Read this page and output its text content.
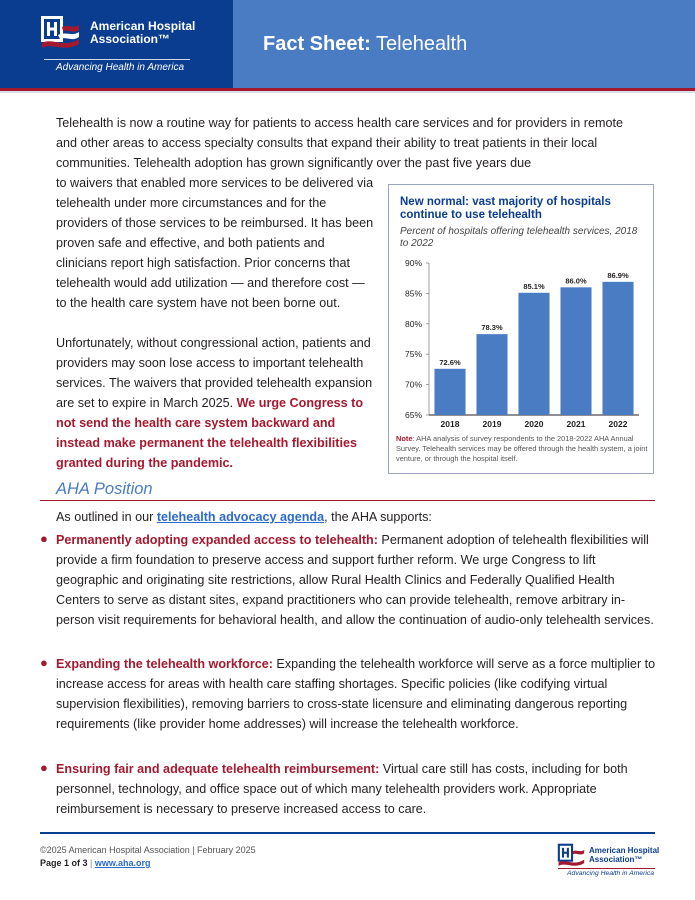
American Hospital
Association™
Advancing Health in America
Fact Sheet: Telehealth
Telehealth is now a routine way for patients to access health care services and for providers in remote and other areas to access specialty consults that expand their ability to treat patients in their local communities. Telehealth adoption has grown significantly over the past five years due
to waivers that enabled more services to be delivered via telehealth under more circumstances and for the providers of those services to be reimbursed. It has been proven safe and effective, and both patients and clinicians report high satisfaction. Prior concerns that telehealth would add utilization — and therefore cost — to the health care system have not been borne out.
Unfortunately, without congressional action, patients and providers may soon lose access to important telehealth services. The waivers that provided telehealth expansion are set to expire in March 2025. We urge Congress to not send the health care system backward and instead make permanent the telehealth flexibilities granted during the pandemic.
New normal: vast majority of hospitals continue to use telehealth
Percent of hospitals offering telehealth services, 2018 to 2022
65%
70%
75%
80%
85%
90%
72.6%
2018
78.3%
2019
85.1%
2020
86.0%
2021
86.9%
2022
Note: AHA analysis of survey respondents to the 2018-2022 AHA Annual Survey. Telehealth services may be offered through the health system, a joint venture, or through the hospital itself.
AHA Position
As outlined in our telehealth advocacy agenda, the AHA supports:
● Permanently adopting expanded access to telehealth: Permanent adoption of telehealth flexibilities will provide a firm foundation to preserve access and support further reform. We urge Congress to lift geographic and originating site restrictions, allow Rural Health Clinics and Federally Qualified Health Centers to serve as distant sites, expand practitioners who can provide telehealth, remove arbitrary in-person visit requirements for behavioral health, and allow the continuation of audio-only telehealth services.
● Expanding the telehealth workforce: Expanding the telehealth workforce will serve as a force multiplier to increase access for areas with health care staffing shortages. Specific policies (like codifying virtual supervision flexibilities), removing barriers to cross-state licensure and eliminating dangerous reporting requirements (like provider home addresses) will increase the telehealth workforce.
● Ensuring fair and adequate telehealth reimbursement: Virtual care still has costs, including for both personnel, technology, and office space out of which many telehealth providers work. Appropriate reimbursement is necessary to preserve increased access to care.
©2025 American Hospital Association | February 2025
Page 1 of 3 | www.aha.org
American Hospital
Association™
Advancing Health in America
